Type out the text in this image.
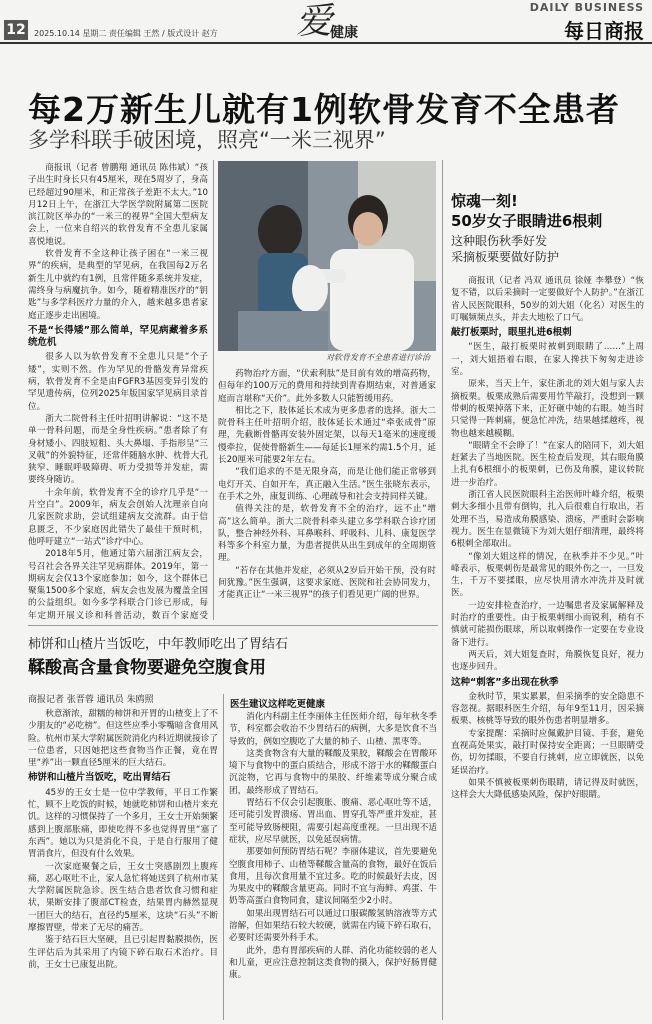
12 2025.10.14 星期二 责任编辑 王然 / 版式设计 赵方 爱
健康
DAILY BUSINESS
每日商报
每2万新生儿就有1例软骨发育不全患者
多学科联手破困境，照亮“一米三视界”

商报讯（记者 曾鹏翔 通讯员 陈伟斌）“孩子出生时身长只有45厘米，现在5周岁了，身高已经超过90厘米，和正常孩子差距不太大。”10月12日上午，在浙江大学医学院附属第二医院滨江院区举办的“一米三的视界”全国大型病友会上，一位来自绍兴的软骨发育不全患儿家属喜悦地说。

软骨发育不全这种让孩子困在“一米三视界”的疾病，是典型的罕见病，在我国每2万名新生儿中就约有1例，且常伴随多系统并发症，需终身与病魔抗争。如今，随着精准医疗的“钥匙”与多学科医疗力量的介入，越来越多患者家庭正逐步走出困境。

不是“长得矮”那么简单，罕见病藏着多系统危机

很多人以为软骨发育不全患儿只是“个子矮”，实则不然。作为罕见的骨骼发育异常疾病，软骨发育不全是由FGFR3基因变异引发的罕见遗传病，位列2025年版国家罕见病目录首位。

浙大二院骨科主任叶招明讲解说：“这不是单一骨科问题，而是全身性疾病。”患者除了有身材矮小、四肢短粗、头大鼻塌、手指形呈“三叉戟”的外貌特征，还常伴随脑水肿、枕骨大孔狭窄、睡眠呼吸障碍、听力受损等并发症，需要终身随访。

十余年前，软骨发育不全的诊疗几乎是“一片空白”。2009年，病友会创始人沈理亲自向几家医院求助，尝试组建病友交流群。由于信息匮乏，不少家庭因此错失了最佳干预时机，他呼吁建立“一站式”诊疗中心。

2018年5月，他通过第六届浙江病友会，号召社会各界关注罕见病群体。2019年，第一期病友会仅13个家庭参加；如今，这个群体已聚集1500多个家庭，病友会也发展为覆盖全国的公益组织。如今多学科联合门诊已形成，每年定期开展义诊和科普活动，数百个家庭受

对软骨发育不全患者进行诊治

药物治疗方面，“伏索利肽”是目前有效的增高药物，但每年约100万元的费用和持续到青春期结束，对普通家庭而言堪称“天价”。此外多数人只能暂缓用药。

相比之下，肢体延长术成为更多患者的选择。浙大二院骨科主任叶招明介绍，肢体延长术通过“牵张成骨”原理，先截断骨骼再安装外固定架，以每天1毫米的速度缓慢牵拉，促使骨骼新生——每延长1厘米约需1.5个月，延长20厘米可能要2年左右。

“我们追求的不是无限身高，而是让他们能正常够到电灯开关、自如开车，真正融入生活。”医生张晓东表示，在手术之外，康复训练、心理疏导和社会支持同样关键。

值得关注的是，软骨发育不全的治疗，远不止“增高”这么简单。浙大二院骨科牵头建立多学科联合诊疗团队，整合神经外科、耳鼻喉科、呼吸科、儿科、康复医学科等多个科室力量，为患者提供从出生到成年的全周期管理。

“若存在其他并发症，必须从2岁后开始干预，没有时间犹豫。”医生强调，这要求家庭、医院和社会协同发力，才能真正让“一米三视界”的孩子们看见更广阔的世界。

惊魂一刻!
50岁女子眼睛进6根刺
这种眼伤秋季好发
采摘板栗要做好防护

商报讯（记者 冯双 通讯员 徐娅 李攀登）“恢复不错，以后采摘时一定要做好个人防护。”在浙江省人民医院眼科，50岁的刘大姐（化名）对医生的叮嘱频频点头，并去大地松了口气。

敲打板栗时，眼里扎进6根刺

“医生，敲打板栗时被刺到眼睛了……”上周一，刘大姐捂着右眼，在家人搀扶下匆匆走进诊室。

原来，当天上午，家住浙北的刘大姐与家人去摘板栗。板栗成熟后需要用竹竿敲打，没想到一颗带刺的板栗掉落下来，正好砸中她的右眼。她当时只觉得一阵刺痛，便急忙冲洗，结果越揉越疼，视物也越来越模糊。

“眼睛全不会睁了！”在家人的陪同下，刘大姐赶紧去了当地医院。医生检查后发现，其右眼角膜上扎有6根细小的板栗刺，已伤及角膜，建议转院进一步治疗。

浙江省人民医院眼科主治医师叶峰介绍，板栗刺大多细小且带有倒钩，扎入后很难自行取出，若处理不当，易造成角膜感染、溃疡，严重时会影响视力。医生在显微镜下为刘大姐仔细清理，最终将6根刺全部取出。

“像刘大姐这样的情况，在秋季并不少见。”叶峰表示，板栗刺伤是最常见的眼外伤之一，一旦发生，千万不要揉眼，应尽快用清水冲洗并及时就医。

一边安排检查治疗，一边嘱患者及家属解释及时治疗的重要性。由于板栗刺细小而锐利，稍有不慎就可能损伤眼球，所以取刺操作一定要在专业设备下进行。

两天后，刘大姐复查时，角膜恢复良好，视力也逐步回升。

这种“刺客”多出现在秋季

金秋时节，果实累累，但采摘季的安全隐患不容忽视。据眼科医生介绍，每年9至11月，因采摘板栗、核桃等导致的眼外伤患者明显增多。

专家提醒：采摘时应佩戴护目镜、手套，避免直视高处果实，敲打时保持安全距离；一旦眼睛受伤，切勿揉眼，不要自行挑刺，应立即就医，以免延误治疗。

如果不慎被板栗刺伤眼睛，请记得及时就医，这样会大大降低感染风险，保护好眼睛。

柿饼和山楂片当饭吃，中年教师吃出了胃结石
鞣酸高含量食物要避免空腹食用
商报记者 张晋蓉 通讯员 朱鸥照

秋意渐浓，甜糯的柿饼和开胃的山楂变上了不少朋友的“必吃榜”。但这些应季小零嘴暗含食用风险。杭州市某大学附属医院消化内科近期就接诊了一位患者，只因她把这些食物当作正餐，竟在胃里“养”出一颗直径5厘米的巨大结石。

柿饼和山楂片当饭吃，吃出胃结石

45岁的王女士是一位中学教师，平日工作繁忙，顾不上吃饭的时候，她就吃柿饼和山楂片来充饥。这样的习惯保持了一个多月，王女士开始频繁感到上腹部胀痛，即使吃得不多也觉得胃里“塞了东西”。她以为只是消化不良，于是自行服用了健胃消食片，但没有什么效果。

一次家庭聚餐之后，王女士突感剧烈上腹疼痛，恶心呕吐不止，家人急忙将她送到了杭州市某大学附属医院急诊。医生结合患者饮食习惯和症状，果断安排了腹部CT检查，结果胃内赫然显现一团巨大的结石，直径约5厘米，这块“石头”不断摩擦胃壁，带来了无尽的痛苦。

鉴于结石巨大坚硬，且已引起胃黏膜损伤，医生评估后为其采用了内镜下碎石取石术治疗。目前，王女士已康复出院。

医生建议这样吃更健康

消化内科副主任李丽体主任医师介绍，每年秋冬季节，科室都会收治不少胃结石的病例，大多是饮食不当导致的，例如空腹吃了大量的柿子、山楂、黑枣等。

这类食物含有大量的鞣酸及果胶，鞣酸会在胃酸环境下与食物中的蛋白质结合，形成不溶于水的鞣酸蛋白沉淀物，它再与食物中的果胶、纤维素等成分聚合成团，最终形成了胃结石。

胃结石不仅会引起腹胀、腹痛、恶心呕吐等不适，还可能引发胃溃疡、胃出血、胃穿孔等严重并发症，甚至可能导致肠梗阻，需要引起高度重视。一旦出现不适症状，应尽早就医，以免延误病情。

那要如何预防胃结石呢？李丽体建议，首先要避免空腹食用柿子、山楂等鞣酸含量高的食物，最好在饭后食用，且每次食用量不宜过多。吃的时候最好去皮，因为果皮中的鞣酸含量更高。同时不宜与海鲜、鸡蛋、牛奶等高蛋白食物同食，建议间隔至少2小时。

如果出现胃结石可以通过口服碳酸氢钠溶液等方式溶解，但如果结石较大较硬，就需在内镜下碎石取石，必要时还需要外科手术。

此外，患有胃部疾病的人群、消化功能较弱的老人和儿童，更应注意控制这类食物的摄入，保护好肠胃健康。
